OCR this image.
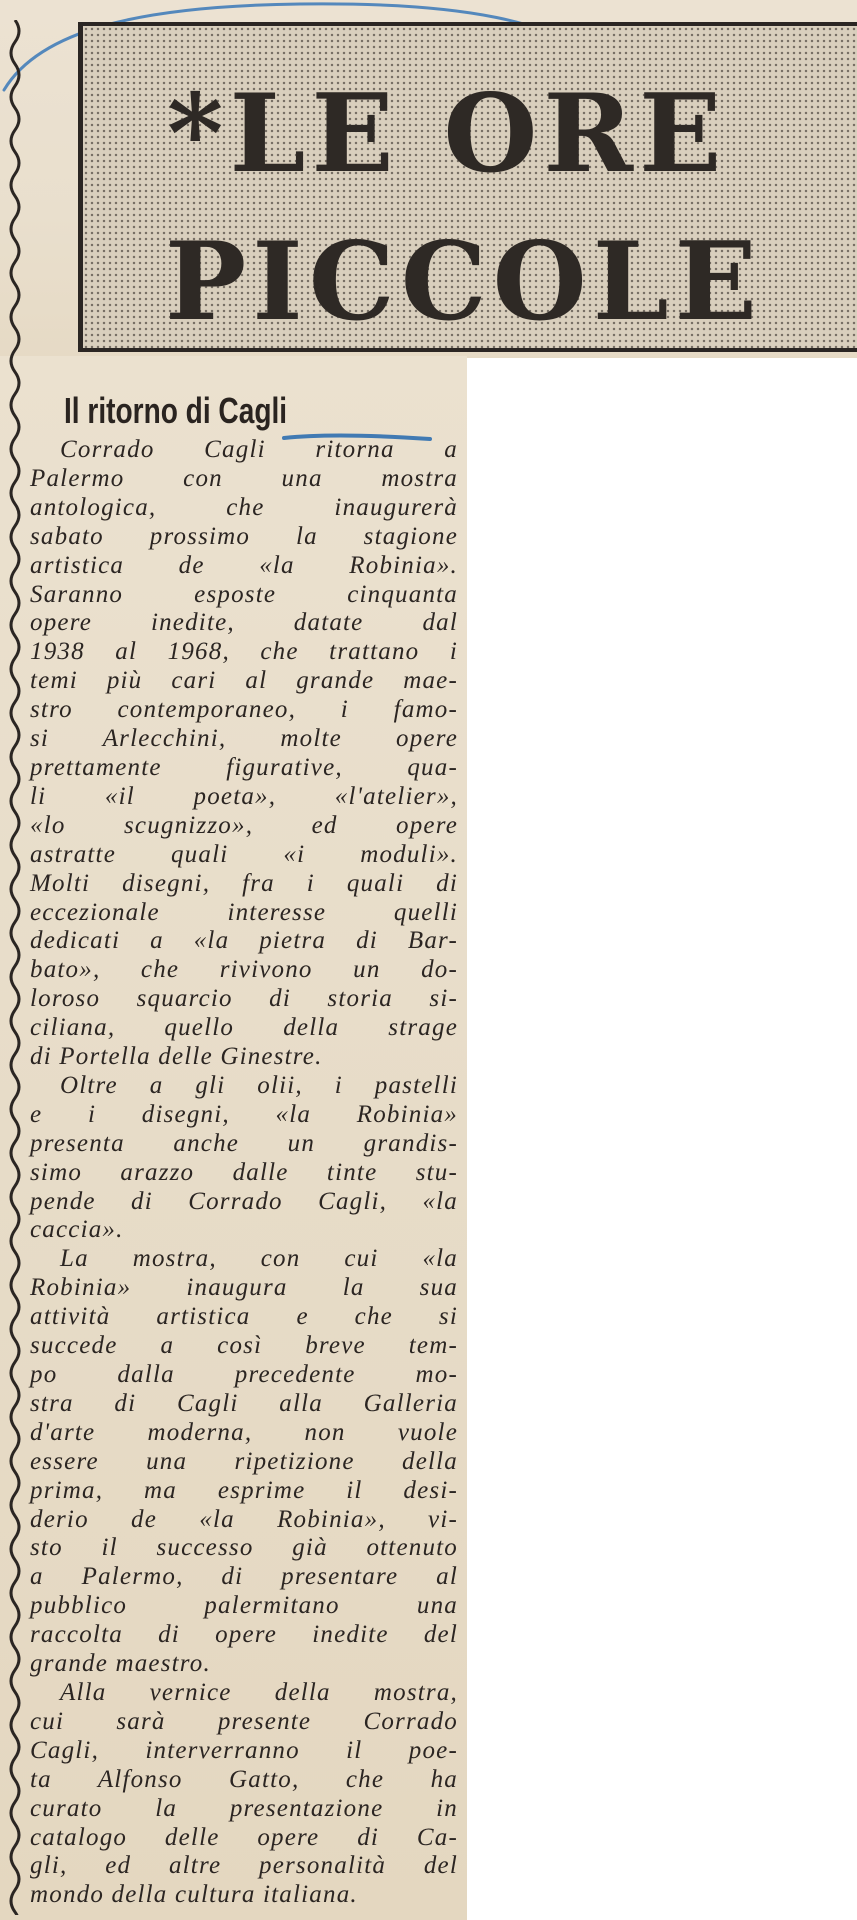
*LE ORE
PICCOLE
Il ritorno di Cagli
Corrado Cagli ritorna a
Palermo con una mostra
antologica, che inaugurerà
sabato prossimo la stagione
artistica de «la Robinia».
Saranno esposte cinquanta
opere inedite, datate dal
1938 al 1968, che trattano i
temi più cari al grande mae-
stro contemporaneo, i famo-
si Arlecchini, molte opere
prettamente figurative, qua-
li «il poeta», «l'atelier»,
«lo scugnizzo», ed opere
astratte quali «i moduli».
Molti disegni, fra i quali di
eccezionale interesse quelli
dedicati a «la pietra di Bar-
bato», che rivivono un do-
loroso squarcio di storia si-
ciliana, quello della strage
di Portella delle Ginestre.
Oltre a gli olii, i pastelli
e i disegni, «la Robinia»
presenta anche un grandis-
simo arazzo dalle tinte stu-
pende di Corrado Cagli, «la
caccia».
La mostra, con cui «la
Robinia» inaugura la sua
attività artistica e che si
succede a così breve tem-
po dalla precedente mo-
stra di Cagli alla Galleria
d'arte moderna, non vuole
essere una ripetizione della
prima, ma esprime il desi-
derio de «la Robinia», vi-
sto il successo già ottenuto
a Palermo, di presentare al
pubblico palermitano una
raccolta di opere inedite del
grande maestro.
Alla vernice della mostra,
cui sarà presente Corrado
Cagli, interverranno il poe-
ta Alfonso Gatto, che ha
curato la presentazione in
catalogo delle opere di Ca-
gli, ed altre personalità del
mondo della cultura italiana.
